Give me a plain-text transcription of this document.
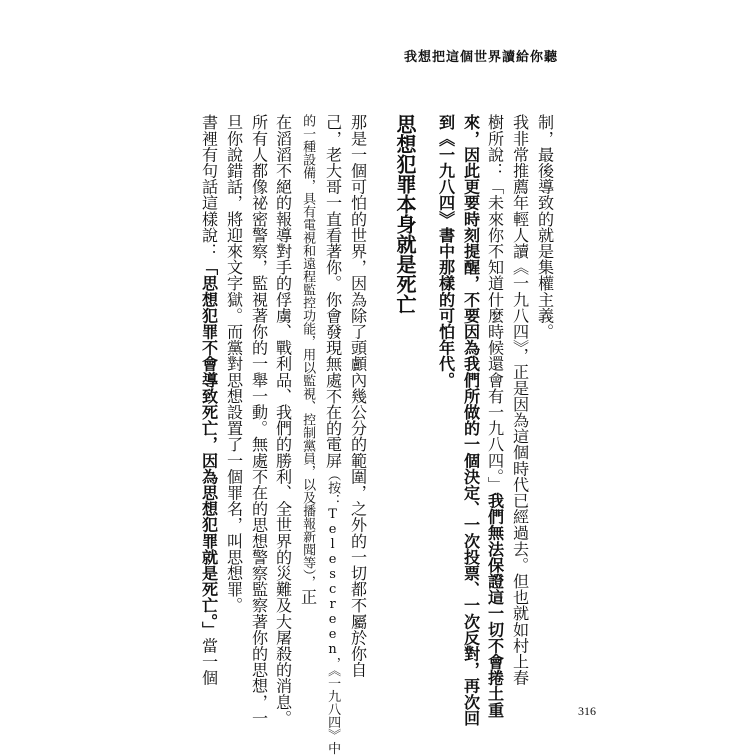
我想把這個世界讀給你聽
制，最後導致的就是集權主義。
我非常推薦年輕人讀《一九八四》，正是因為這個時代已經過去。但也就如村上春
樹所說：「未來你不知道什麼時候還會有一九八四。」我們無法保證這一切不會捲土重
來，因此更要時刻提醒，不要因為我們所做的一個決定、一次投票、一次反對，再次回
到《一九八四》書中那樣的可怕年代。
思想犯罪本身就是死亡
那是一個可怕的世界，因為除了頭顱內幾公分的範圍，之外的一切都不屬於你自
己，老大哥一直看著你。你會發現無處不在的電屏（按：Telescreen，《一九八四》中
的一種設備，具有電視和遠程監控功能，用以監視、控制黨員，以及播報新聞等），正
在滔滔不絕的報導對手的俘虜、戰利品、我們的勝利、全世界的災難及大屠殺的消息。
所有人都像祕密警察，監視著你的一舉一動。無處不在的思想警察監察著你的思想，一
旦你說錯話，將迎來文字獄。而黨對思想設置了一個罪名，叫思想罪。
書裡有句話這樣說：「思想犯罪不會導致死亡，因為思想犯罪就是死亡。」當一個
316
